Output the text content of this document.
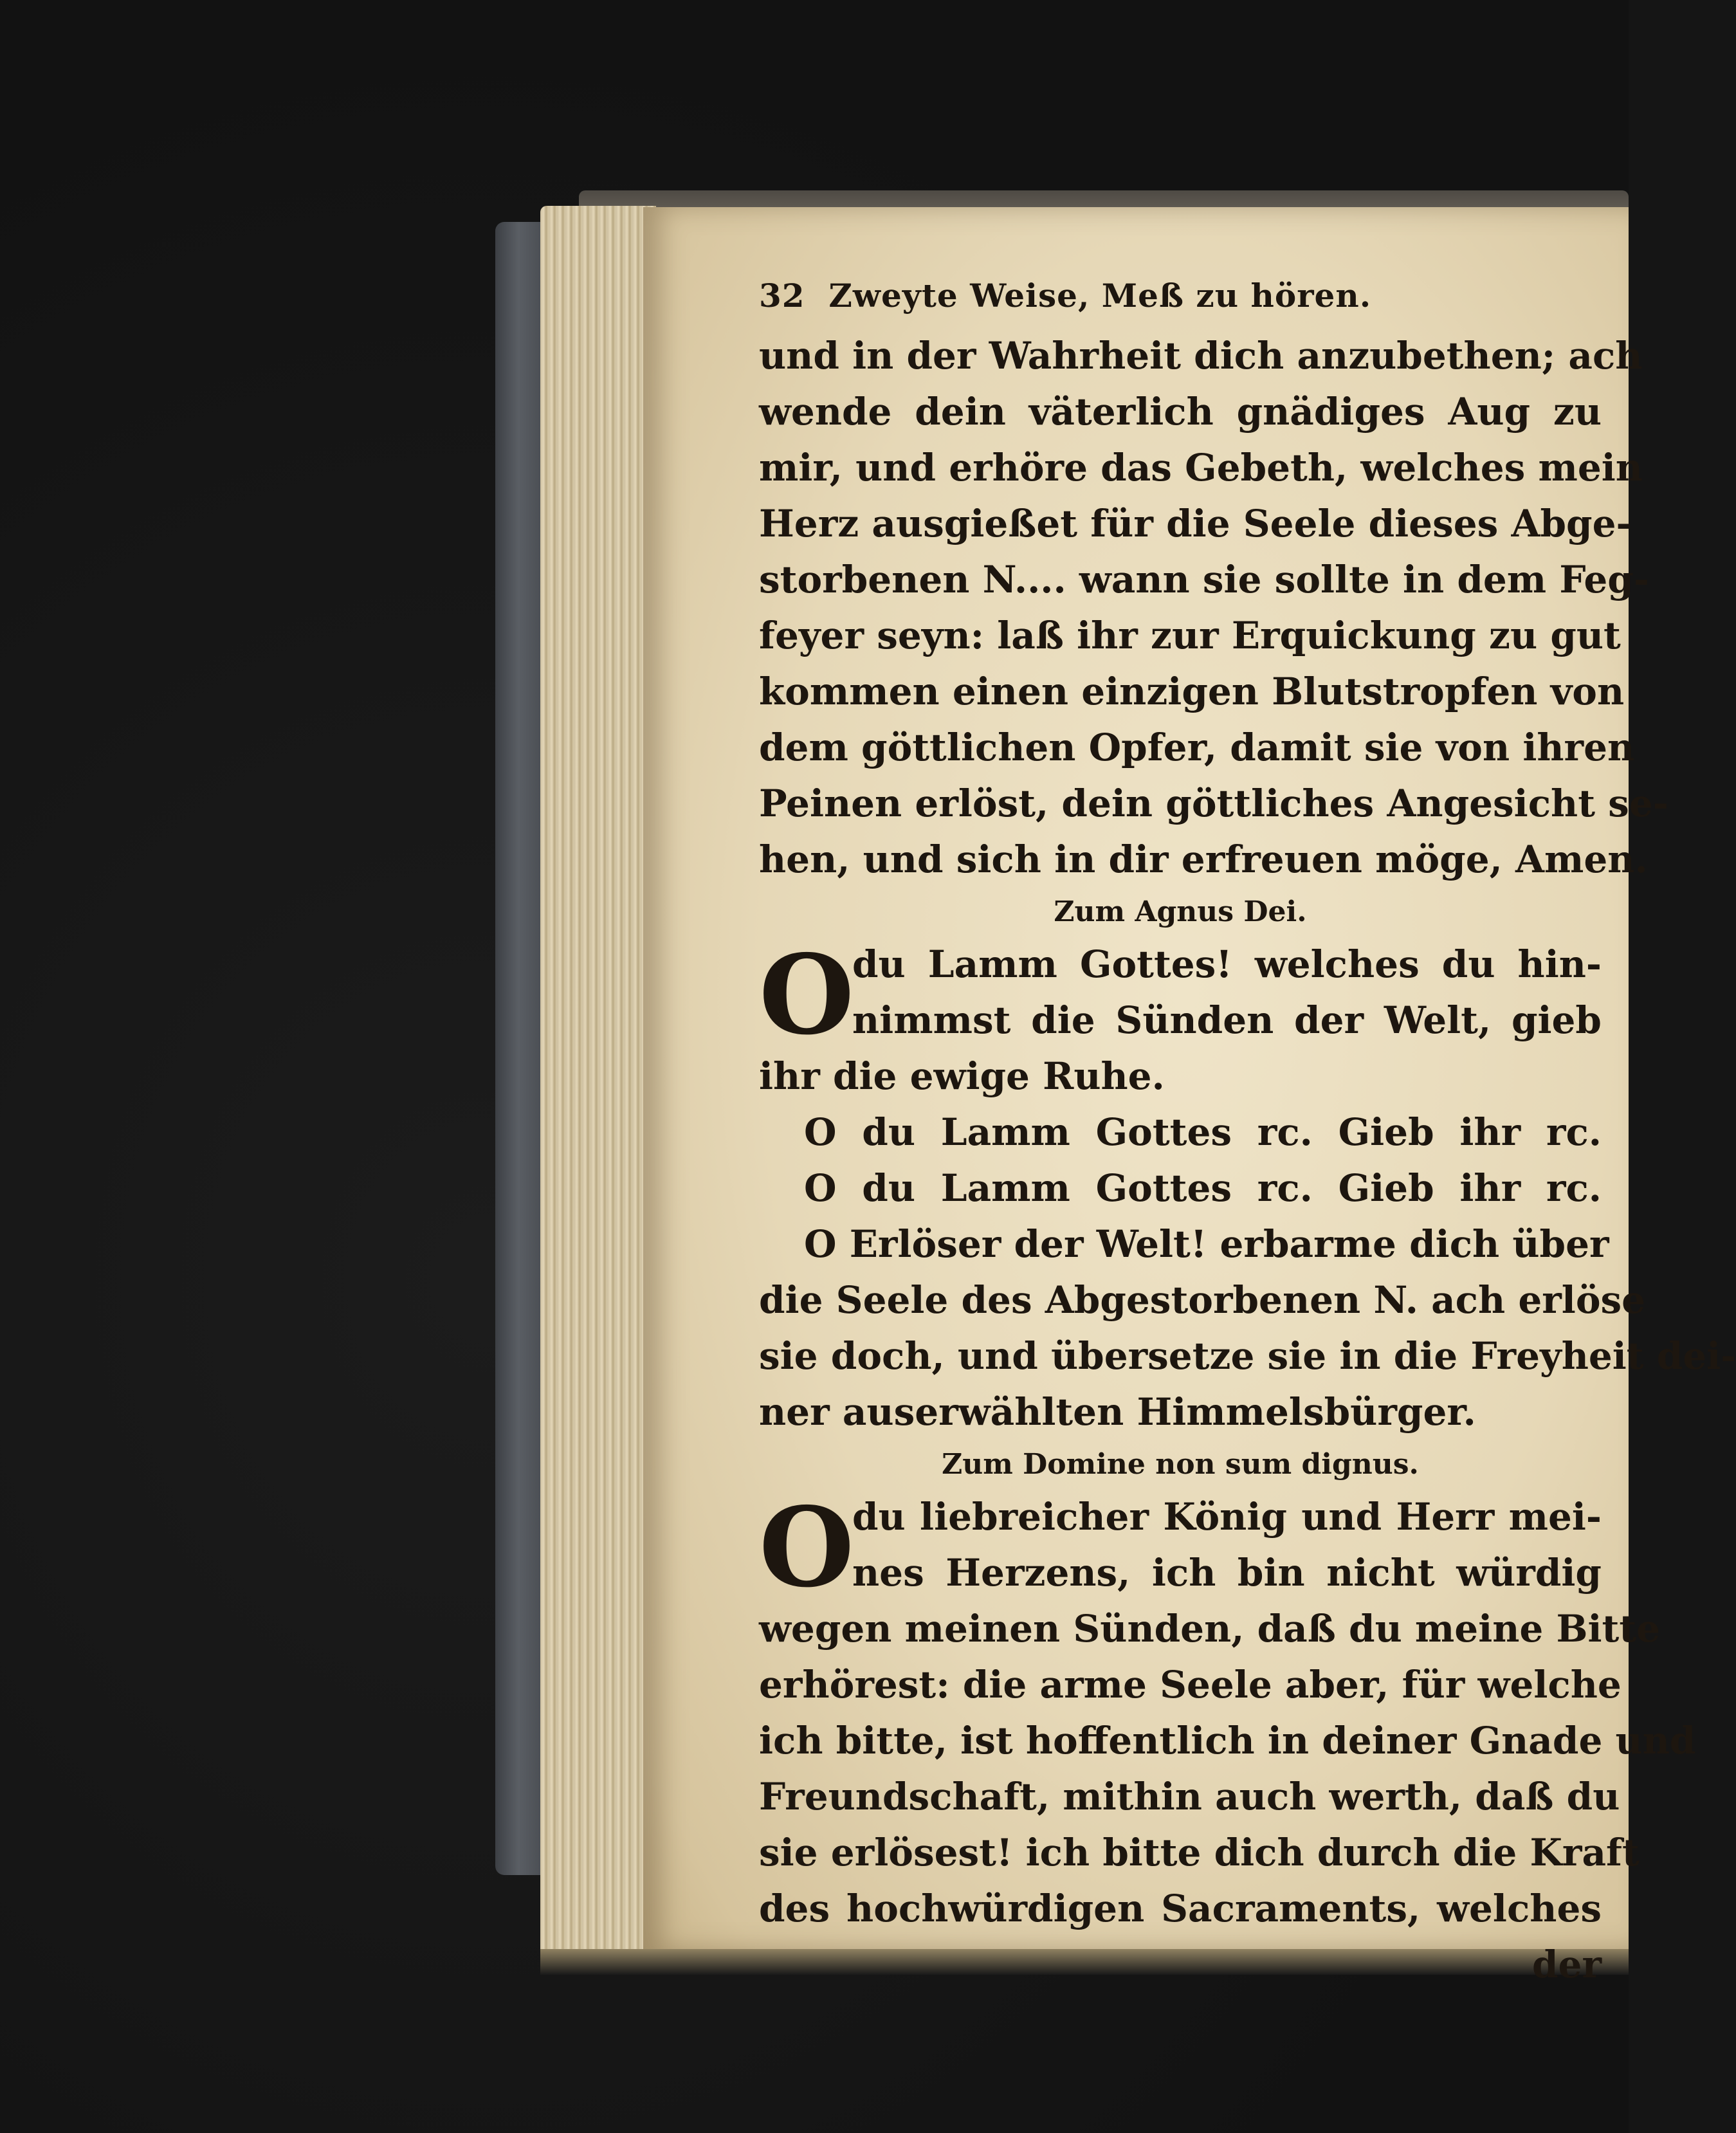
32 Zweyte Weise, Meß zu hören.
und in der Wahrheit dich anzubethen; ach
wende dein väterlich gnädiges Aug zu
mir, und erhöre das Gebeth, welches mein
Herz ausgießet für die Seele dieses Abge-
storbenen N.... wann sie sollte in dem Feg-
feyer seyn: laß ihr zur Erquickung zu gut
kommen einen einzigen Blutstropfen von
dem göttlichen Opfer, damit sie von ihren
Peinen erlöst, dein göttliches Angesicht se-
hen, und sich in dir erfreuen möge, Amen.
Zum Agnus Dei.
O
du Lamm Gottes! welches du hin-
nimmst die Sünden der Welt, gieb
ihr die ewige Ruhe.
O du Lamm Gottes rc. Gieb ihr rc.
O du Lamm Gottes rc. Gieb ihr rc.
O Erlöser der Welt! erbarme dich über
die Seele des Abgestorbenen N. ach erlöse
sie doch, und übersetze sie in die Freyheit dei-
ner auserwählten Himmelsbürger.
Zum Domine non sum dignus.
O
du liebreicher König und Herr mei-
nes Herzens, ich bin nicht würdig
wegen meinen Sünden, daß du meine Bitte
erhörest: die arme Seele aber, für welche
ich bitte, ist hoffentlich in deiner Gnade und
Freundschaft, mithin auch werth, daß du
sie erlösest! ich bitte dich durch die Kraft
des hochwürdigen Sacraments, welches
der
